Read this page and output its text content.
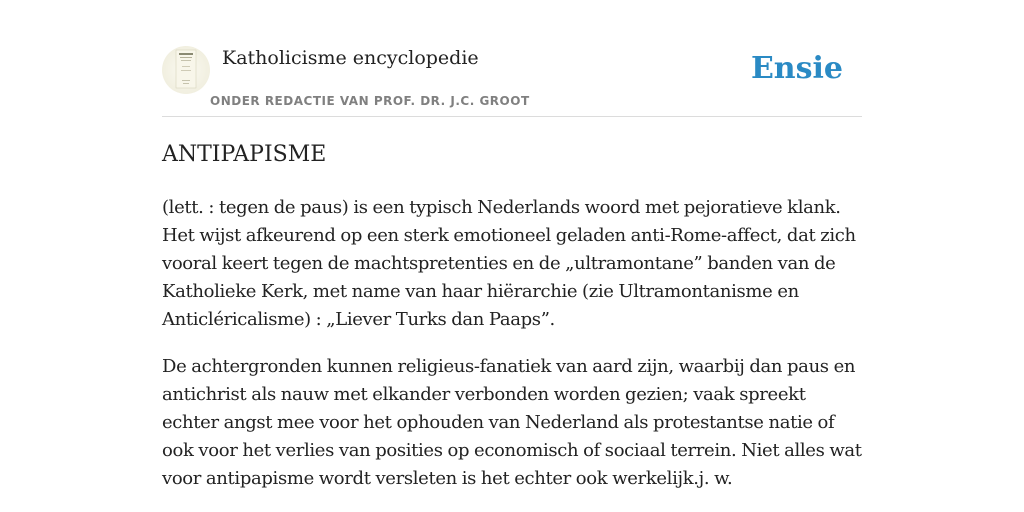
Katholicisme encyclopedie
ONDER REDACTIE VAN PROF. DR. J.C. GROOT
Ensie
ANTIPAPISME

(lett. : tegen de paus) is een typisch Nederlands woord met pejoratieve klank. Het wijst afkeurend op een sterk emotioneel geladen anti-Rome-affect, dat zich vooral keert tegen de machtspretenties en de „ultramontane” banden van de Katholieke Kerk, met name van haar hiërarchie (zie Ultramontanisme en Anticléricalisme) : „Liever Turks dan Paaps”.

De achtergronden kunnen religieus-fanatiek van aard zijn, waarbij dan paus en antichrist als nauw met elkander verbonden worden gezien; vaak spreekt echter angst mee voor het ophouden van Nederland als protestantse natie of ook voor het verlies van posities op economisch of sociaal terrein. Niet alles wat voor antipapisme wordt versleten is het echter ook werkelijk.j. w.
